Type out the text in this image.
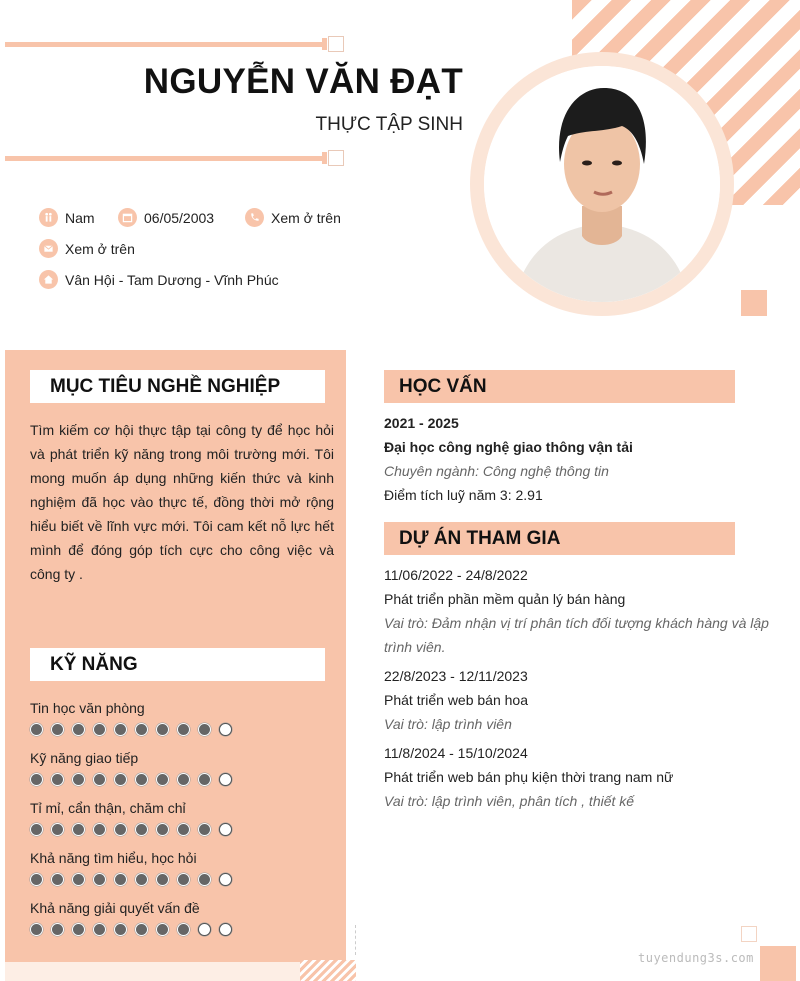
NGUYỄN VĂN ĐẠT
THỰC TẬP SINH
Nam	06/05/2003	Xem ở trên
Xem ở trên
Vân Hội - Tam Dương - Vĩnh Phúc
MỤC TIÊU NGHỀ NGHIỆP
Tìm kiếm cơ hội thực tập tại công ty để học hỏi và phát triển kỹ năng trong môi trường mới. Tôi mong muốn áp dụng những kiến thức và kinh nghiệm đã học vào thực tế, đồng thời mở rộng hiểu biết về lĩnh vực mới. Tôi cam kết nỗ lực hết mình để đóng góp tích cực cho công việc và công ty .
KỸ NĂNG
Tin học văn phòng
Kỹ năng giao tiếp
Tỉ mỉ, cẩn thận, chăm chỉ
Khả năng tìm hiểu, học hỏi
Khả năng giải quyết vấn đề
HỌC VẤN
2021 - 2025
Đại học công nghệ giao thông vận tải
Chuyên ngành: Công nghệ thông tin
Điểm tích luỹ năm 3: 2.91
DỰ ÁN THAM GIA
11/06/2022 - 24/8/2022
Phát triển phần mềm quản lý bán hàng
Vai trò: Đảm nhận vị trí phân tích đối tượng khách hàng và lập trình viên.
22/8/2023 - 12/11/2023
Phát triển web bán hoa
Vai trò: lập trình viên
11/8/2024 - 15/10/2024
Phát triển web bán phụ kiện thời trang nam nữ
Vai trò: lập trình viên, phân tích , thiết kế
tuyendung3s.com
